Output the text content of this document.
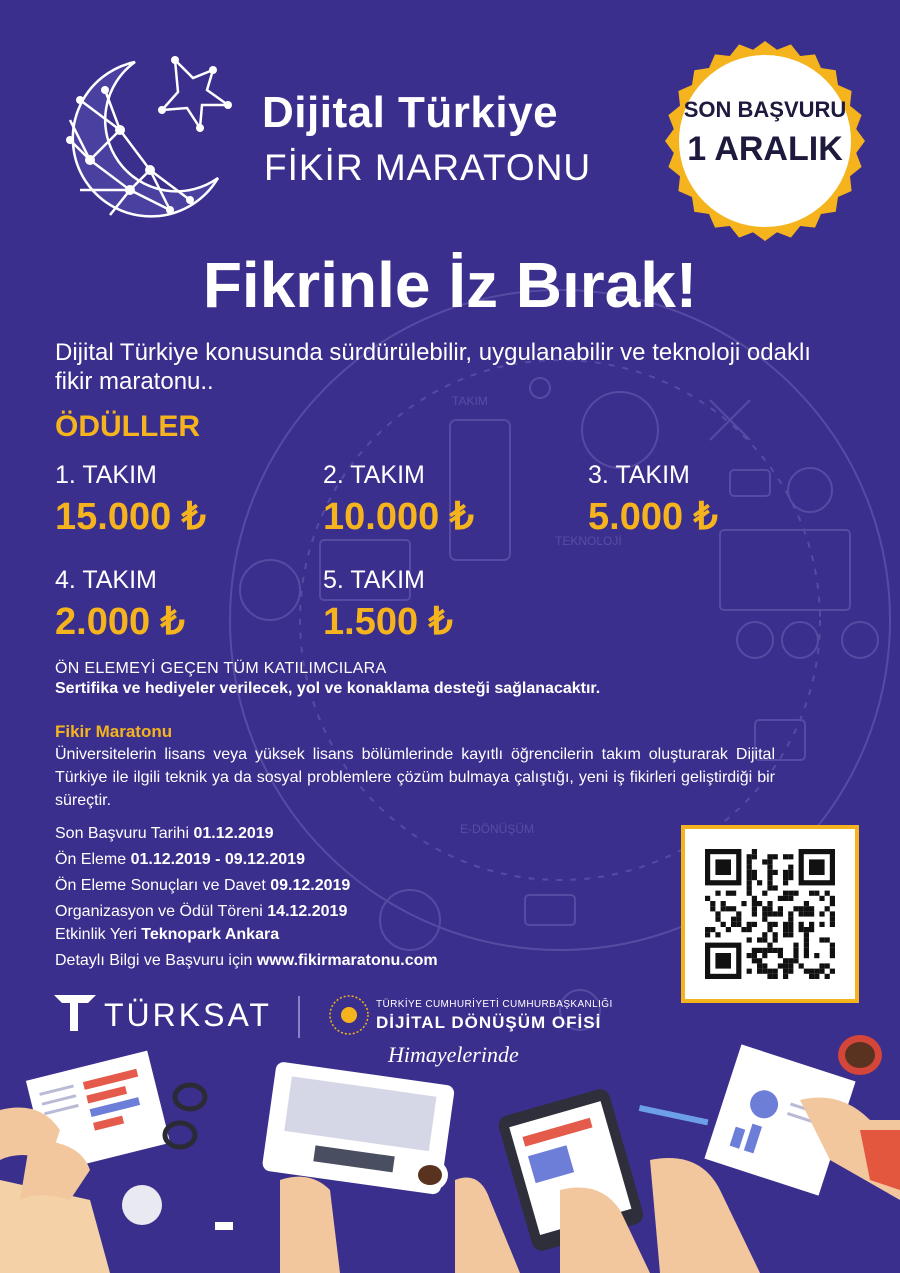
TAKIM
TEKNOLOJİ
E-DÖNÜŞÜM
Dijital Türkiye
FİKİR MARATONU
SON BAŞVURU
1 ARALIK
Fikrinle İz Bırak!
Dijital Türkiye konusunda sürdürülebilir, uygulanabilir ve teknoloji odaklı fikir maratonu..
ÖDÜLLER
1. TAKIM
15.000 ₺
2. TAKIM
10.000 ₺
3. TAKIM
5.000 ₺
4. TAKIM
2.000 ₺
5. TAKIM
1.500 ₺
ÖN ELEMEYİ GEÇEN TÜM KATILIMCILARA
Sertifika ve hediyeler verilecek, yol ve konaklama desteği sağlanacaktır.
Fikir Maratonu
Üniversitelerin lisans veya yüksek lisans bölümlerinde kayıtlı öğrencilerin takım oluşturarak Dijital Türkiye ile ilgili teknik ya da sosyal problemlere çözüm bulmaya çalıştığı, yeni iş fikirleri geliştirdiği bir süreçtir.
Son Başvuru Tarihi 01.12.2019
Ön Eleme 01.12.2019 - 09.12.2019
Ön Eleme Sonuçları ve Davet 09.12.2019
Organizasyon ve Ödül Töreni 14.12.2019
Etkinlik Yeri Teknopark Ankara
Detaylı Bilgi ve Başvuru için www.fikirmaratonu.com
TÜRKSAT	TÜRKİYE CUMHURİYETİ CUMHURBAŞKANLIĞI
DİJİTAL DÖNÜŞÜM OFİSİ
Himayelerinde
